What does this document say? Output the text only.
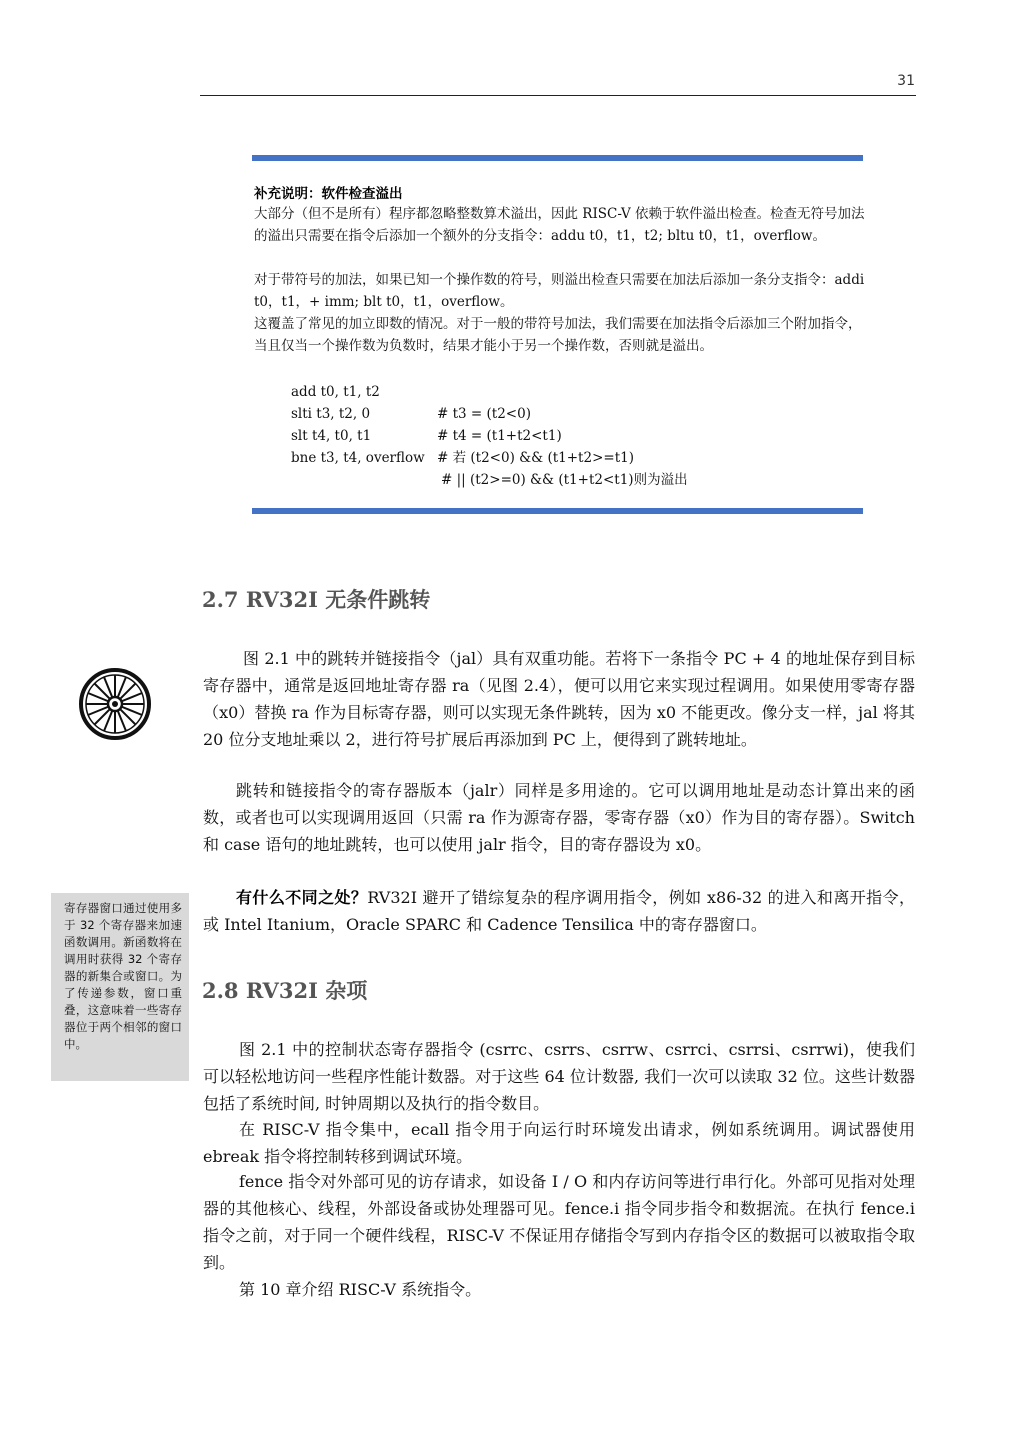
31
补充说明：软件检查溢出
大部分（但不是所有）程序都忽略整数算术溢出，因此 RISC-V 依赖于软件溢出检查。检查无符号加法的溢出只需要在指令后添加一个额外的分支指令：addu t0，t1，t2; bltu t0，t1，overflow。
对于带符号的加法，如果已知一个操作数的符号，则溢出检查只需要在加法后添加一条分支指令：addi t0，t1，+ imm; blt t0，t1，overflow。
这覆盖了常见的加立即数的情况。对于一般的带符号加法，我们需要在加法指令后添加三个附加指令，当且仅当一个操作数为负数时，结果才能小于另一个操作数，否则就是溢出。
add t0, t1, t2
slti t3, t2, 0	# t3 = (t2<0)
slt t4, t0, t1	# t4 = (t1+t2<t1)
bne t3, t4, overflow # 若 (t2<0) && (t1+t2>=t1)
# || (t2>=0) && (t1+t2<t1)则为溢出
2.7 RV32I 无条件跳转
图 2.1 中的跳转并链接指令（jal）具有双重功能。若将下一条指令 PC + 4 的地址保存到目标寄存器中，通常是返回地址寄存器 ra（见图 2.4），便可以用它来实现过程调用。如果使用零寄存器（x0）替换 ra 作为目标寄存器，则可以实现无条件跳转，因为 x0 不能更改。像分支一样，jal 将其 20 位分支地址乘以 2，进行符号扩展后再添加到 PC 上，便得到了跳转地址。
跳转和链接指令的寄存器版本（jalr）同样是多用途的。它可以调用地址是动态计算出来的函数，或者也可以实现调用返回（只需 ra 作为源寄存器，零寄存器（x0）作为目的寄存器）。Switch 和 case 语句的地址跳转，也可以使用 jalr 指令，目的寄存器设为 x0。
寄存器窗口通过使用多于 32 个寄存器来加速函数调用。新函数将在调用时获得 32 个寄存器的新集合或窗口。为了传递参数，窗口重叠，这意味着一些寄存器位于两个相邻的窗口中。
有什么不同之处？RV32I 避开了错综复杂的程序调用指令，例如 x86-32 的进入和离开指令，或 Intel Itanium，Oracle SPARC 和 Cadence Tensilica 中的寄存器窗口。
2.8 RV32I 杂项
图 2.1 中的控制状态寄存器指令 (csrrc、csrrs、csrrw、csrrci、csrrsi、csrrwi)，使我们可以轻松地访问一些程序性能计数器。对于这些 64 位计数器, 我们一次可以读取 32 位。这些计数器包括了系统时间, 时钟周期以及执行的指令数目。
在 RISC-V 指令集中，ecall 指令用于向运行时环境发出请求，例如系统调用。调试器使用 ebreak 指令将控制转移到调试环境。
fence 指令对外部可见的访存请求，如设备 I / O 和内存访问等进行串行化。外部可见指对处理器的其他核心、线程，外部设备或协处理器可见。fence.i 指令同步指令和数据流。在执行 fence.i 指令之前，对于同一个硬件线程，RISC-V 不保证用存储指令写到内存指令区的数据可以被取指令取到。
第 10 章介绍 RISC-V 系统指令。
